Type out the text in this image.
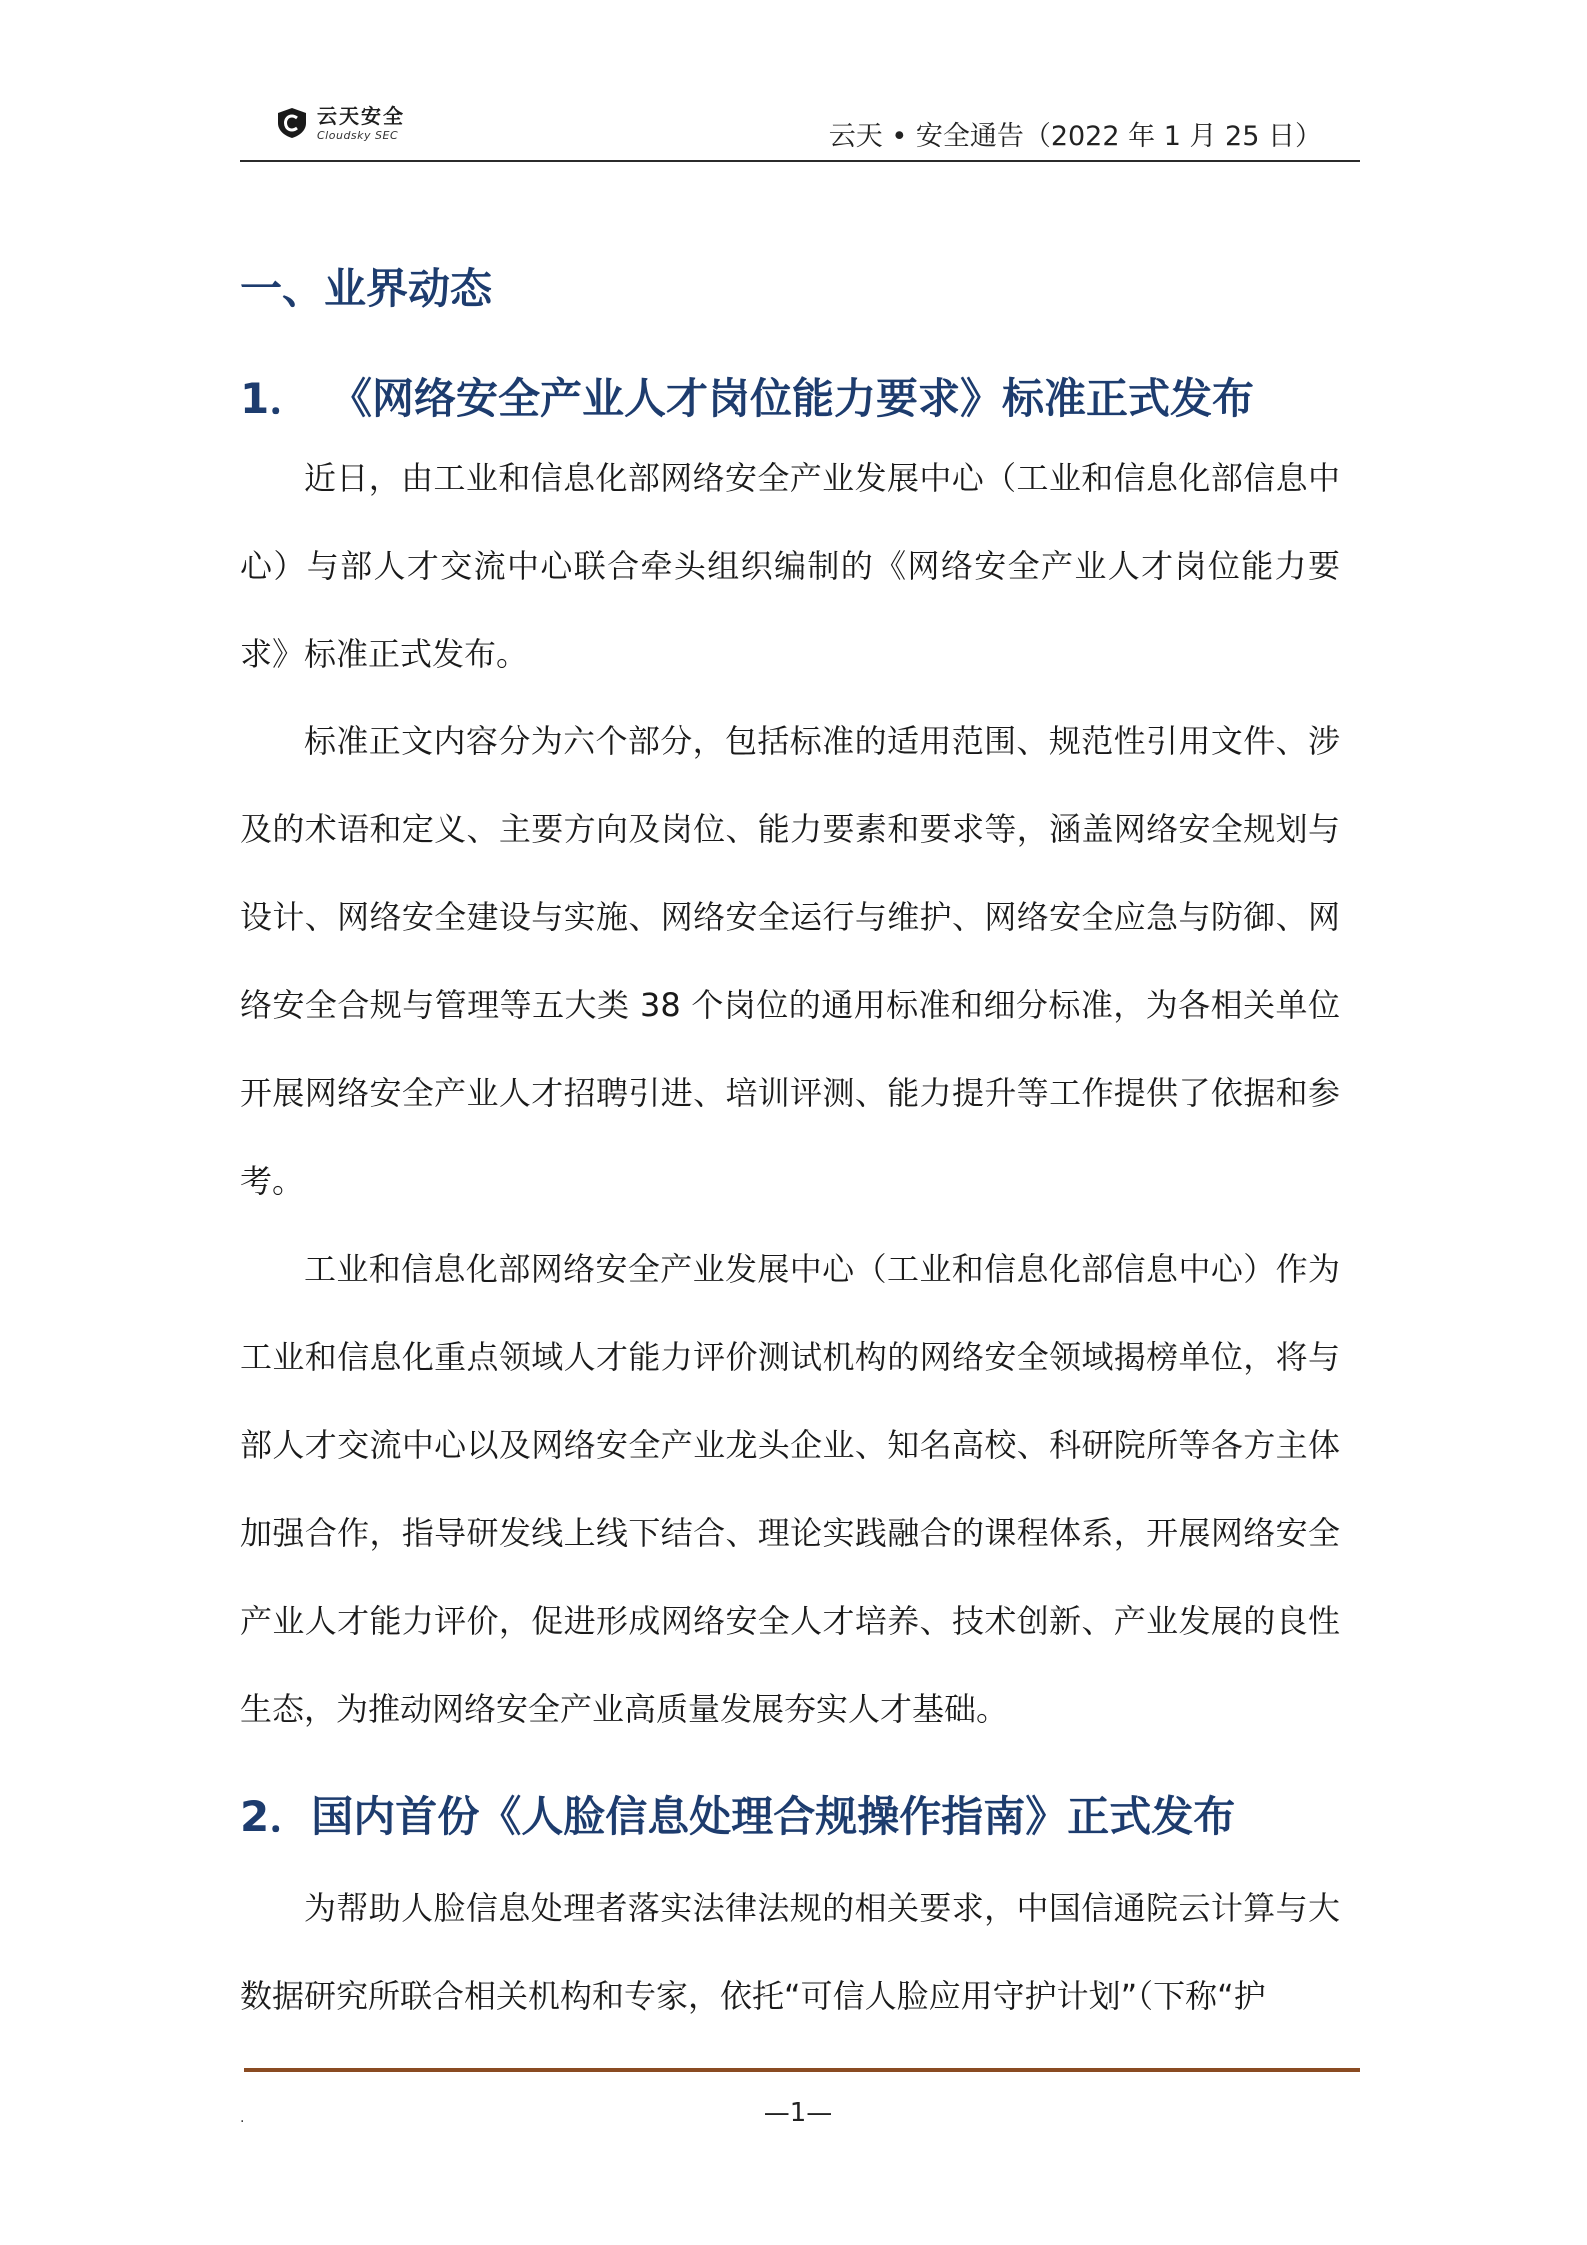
云天安全
Cloudsky SEC	云天 • 安全通告（2022 年 1 月 25 日）
一、业界动态
1． 《网络安全产业人才岗位能力要求》标准正式发布

近日，由工业和信息化部网络安全产业发展中心（工业和信息化部信息中心）与部人才交流中心联合牵头组织编制的《网络安全产业人才岗位能力要求》标准正式发布。

标准正文内容分为六个部分，包括标准的适用范围、规范性引用文件、涉及的术语和定义、主要方向及岗位、能力要素和要求等，涵盖网络安全规划与设计、网络安全建设与实施、网络安全运行与维护、网络安全应急与防御、网络安全合规与管理等五大类 38 个岗位的通用标准和细分标准，为各相关单位开展网络安全产业人才招聘引进、培训评测、能力提升等工作提供了依据和参考。

工业和信息化部网络安全产业发展中心（工业和信息化部信息中心）作为工业和信息化重点领域人才能力评价测试机构的网络安全领域揭榜单位，将与部人才交流中心以及网络安全产业龙头企业、知名高校、科研院所等各方主体加强合作，指导研发线上线下结合、理论实践融合的课程体系，开展网络安全产业人才能力评价，促进形成网络安全人才培养、技术创新、产业发展的良性生态，为推动网络安全产业高质量发展夯实人才基础。

2．国内首份《人脸信息处理合规操作指南》正式发布

为帮助人脸信息处理者落实法律法规的相关要求，中国信通院云计算与大数据研究所联合相关机构和专家，依托“可信人脸应用守护计划”（下称“护

.	—1—
